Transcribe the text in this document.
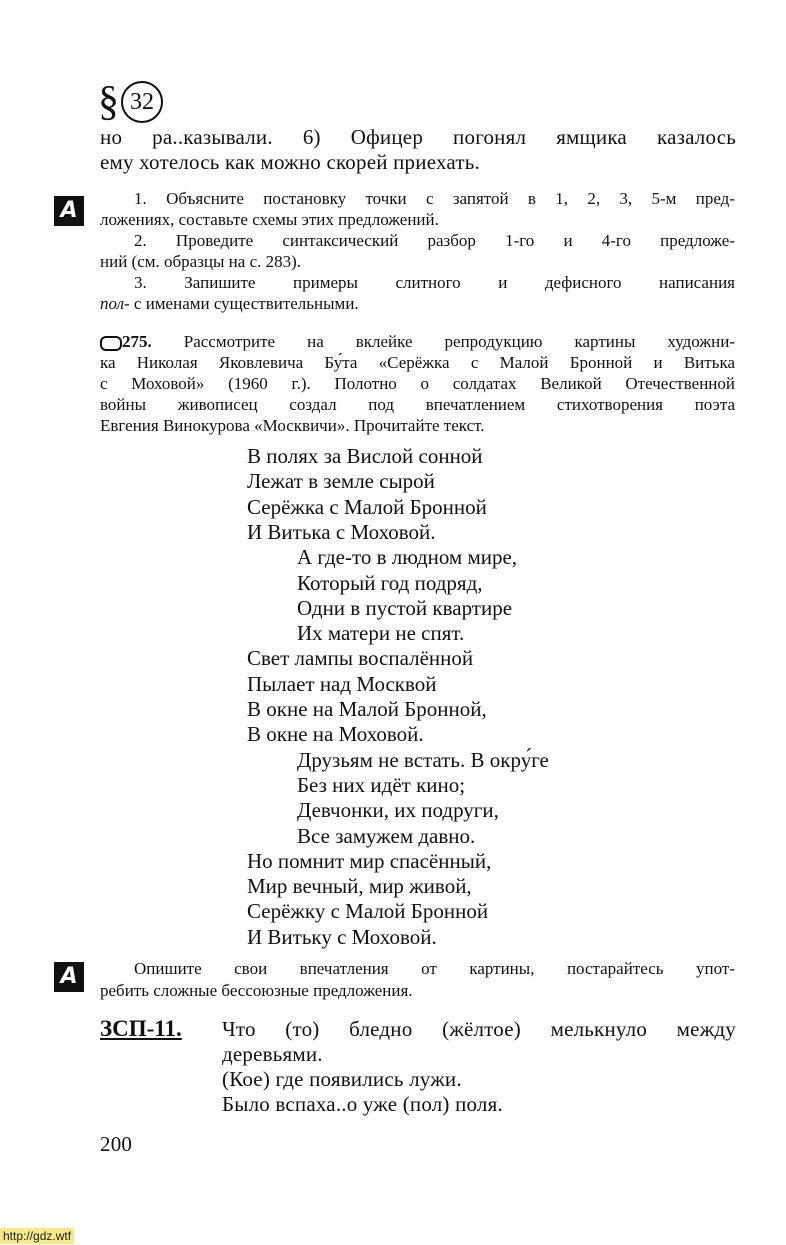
§ 32
но ра..казывали. 6) Офицер погонял ямщика казалось
ему хотелось как можно скорей приехать.
А	1. Объясните постановку точки с запятой в 1, 2, 3, 5-м пред-
ложениях, составьте схемы этих предложений.
2. Проведите синтаксический разбор 1-го и 4-го предложе-
ний (см. образцы на с. 283).
3. Запишите примеры слитного и дефисного написания
пол- с именами существительными.
275. Рассмотрите на вклейке репродукцию картины художни-
ка Николая Яковлевича Бу́та «Серёжка с Малой Бронной и Витька
с Моховой» (1960 г.). Полотно о солдатах Великой Отечественной
войны живописец создал под впечатлением стихотворения поэта
Евгения Винокурова «Москвичи». Прочитайте текст.
В полях за Вислой сонной
Лежат в земле сырой
Серёжка с Малой Бронной
И Витька с Моховой.
А где-то в людном мире,
Который год подряд,
Одни в пустой квартире
Их матери не спят.
Свет лампы воспалённой
Пылает над Москвой
В окне на Малой Бронной,
В окне на Моховой.
Друзьям не встать. В окру́ге
Без них идёт кино;
Девчонки, их подруги,
Все замужем давно.
Но помнит мир спасённый,
Мир вечный, мир живой,
Серёжку с Малой Бронной
И Витьку с Моховой.
А	Опишите свои впечатления от картины, постарайтесь упот-
ребить сложные бессоюзные предложения.
ЗСП-11. Что (то) бледно (жёлтое) мелькнуло между
деревьями.
(Кое) где появились лужи.
Было вспаха..о уже (пол) поля.
200
http://gdz.wtf
